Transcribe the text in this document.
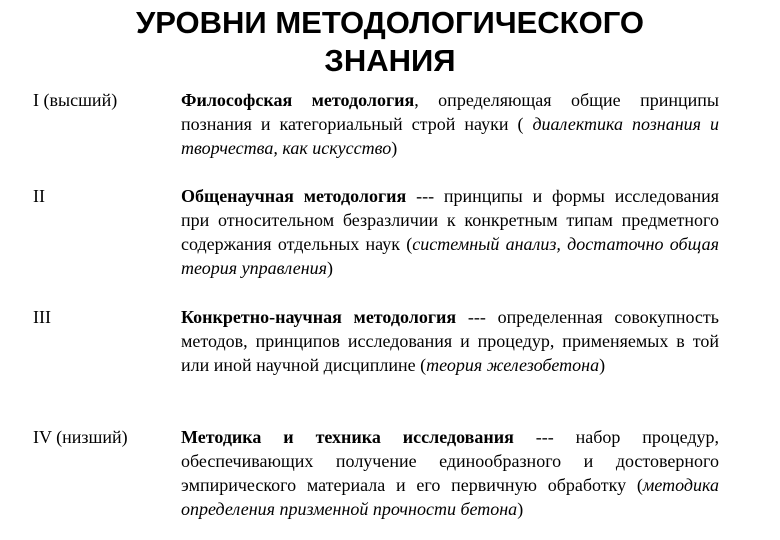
УРОВНИ МЕТОДОЛОГИЧЕСКОГО
ЗНАНИЯ
I (высший)	Философская методология, определяющая общие принципы познания и категориальный строй науки ( диалектика познания и творчества, как искусство)
II	Общенаучная методология --- принципы и формы исследования при относительном безразличии к конкретным типам предметного содержания отдельных наук (системный анализ, достаточно общая теория управления)
III	Конкретно-научная методология --- определенная совокупность методов, принципов исследования и процедур, применяемых в той или иной научной дисциплине (теория железобетона)
IV (низший)	Методика и техника исследования --- набор процедур, обеспечивающих получение единообразного и достоверного эмпирического материала и его первичную обработку (методика определения призменной прочности бетона)
